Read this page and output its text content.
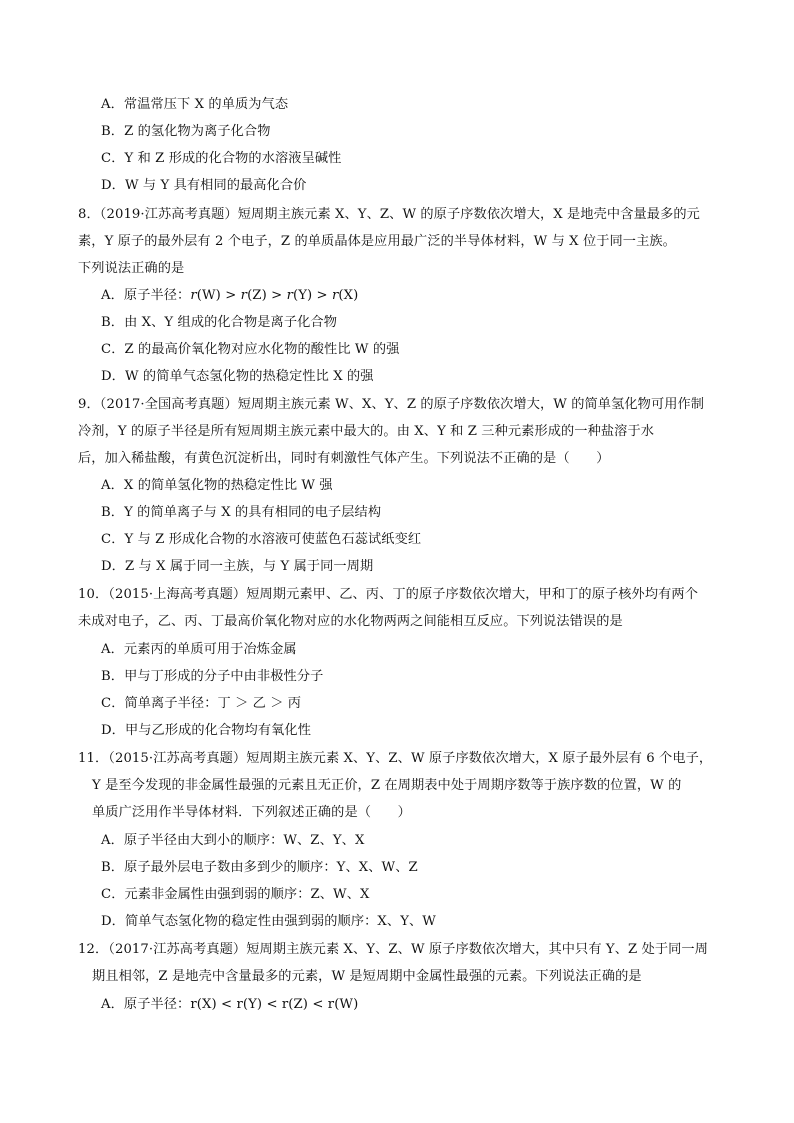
A．常温常压下 X 的单质为气态
B．Z 的氢化物为离子化合物
C．Y 和 Z 形成的化合物的水溶液呈碱性
D．W 与 Y 具有相同的最高化合价
8．（2019·江苏高考真题）短周期主族元素 X、Y、Z、W 的原子序数依次增大，X 是地壳中含量最多的元
素，Y 原子的最外层有 2 个电子，Z 的单质晶体是应用最广泛的半导体材料，W 与 X 位于同一主族。
下列说法正确的是
A．原子半径：r(W) > r(Z) > r(Y) > r(X)
B．由 X、Y 组成的化合物是离子化合物
C．Z 的最高价氧化物对应水化物的酸性比 W 的强
D．W 的简单气态氢化物的热稳定性比 X 的强
9．（2017·全国高考真题）短周期主族元素 W、X、Y、Z 的原子序数依次增大，W 的简单氢化物可用作制
冷剂，Y 的原子半径是所有短周期主族元素中最大的。由 X、Y 和 Z 三种元素形成的一种盐溶于水
后，加入稀盐酸，有黄色沉淀析出，同时有刺激性气体产生。下列说法不正确的是（　　）
A．X 的简单氢化物的热稳定性比 W 强
B．Y 的简单离子与 X 的具有相同的电子层结构
C．Y 与 Z 形成化合物的水溶液可使蓝色石蕊试纸变红
D．Z 与 X 属于同一主族，与 Y 属于同一周期
10．（2015·上海高考真题）短周期元素甲、乙、丙、丁的原子序数依次增大，甲和丁的原子核外均有两个
未成对电子，乙、丙、丁最高价氧化物对应的水化物两两之间能相互反应。下列说法错误的是
A．元素丙的单质可用于冶炼金属
B．甲与丁形成的分子中由非极性分子
C．简单离子半径：丁 ＞ 乙 ＞ 丙
D．甲与乙形成的化合物均有氧化性
11．（2015·江苏高考真题）短周期主族元素 X、Y、Z、W 原子序数依次增大，X 原子最外层有 6 个电子，
Y 是至今发现的非金属性最强的元素且无正价，Z 在周期表中处于周期序数等于族序数的位置，W 的
单质广泛用作半导体材料．下列叙述正确的是（　　）
A．原子半径由大到小的顺序：W、Z、Y、X
B．原子最外层电子数由多到少的顺序：Y、X、W、Z
C．元素非金属性由强到弱的顺序：Z、W、X
D．简单气态氢化物的稳定性由强到弱的顺序：X、Y、W
12．（2017·江苏高考真题）短周期主族元素 X、Y、Z、W 原子序数依次增大，其中只有 Y、Z 处于同一周
期且相邻，Z 是地壳中含量最多的元素，W 是短周期中金属性最强的元素。下列说法正确的是
A．原子半径：r(X) < r(Y) < r(Z) < r(W)
